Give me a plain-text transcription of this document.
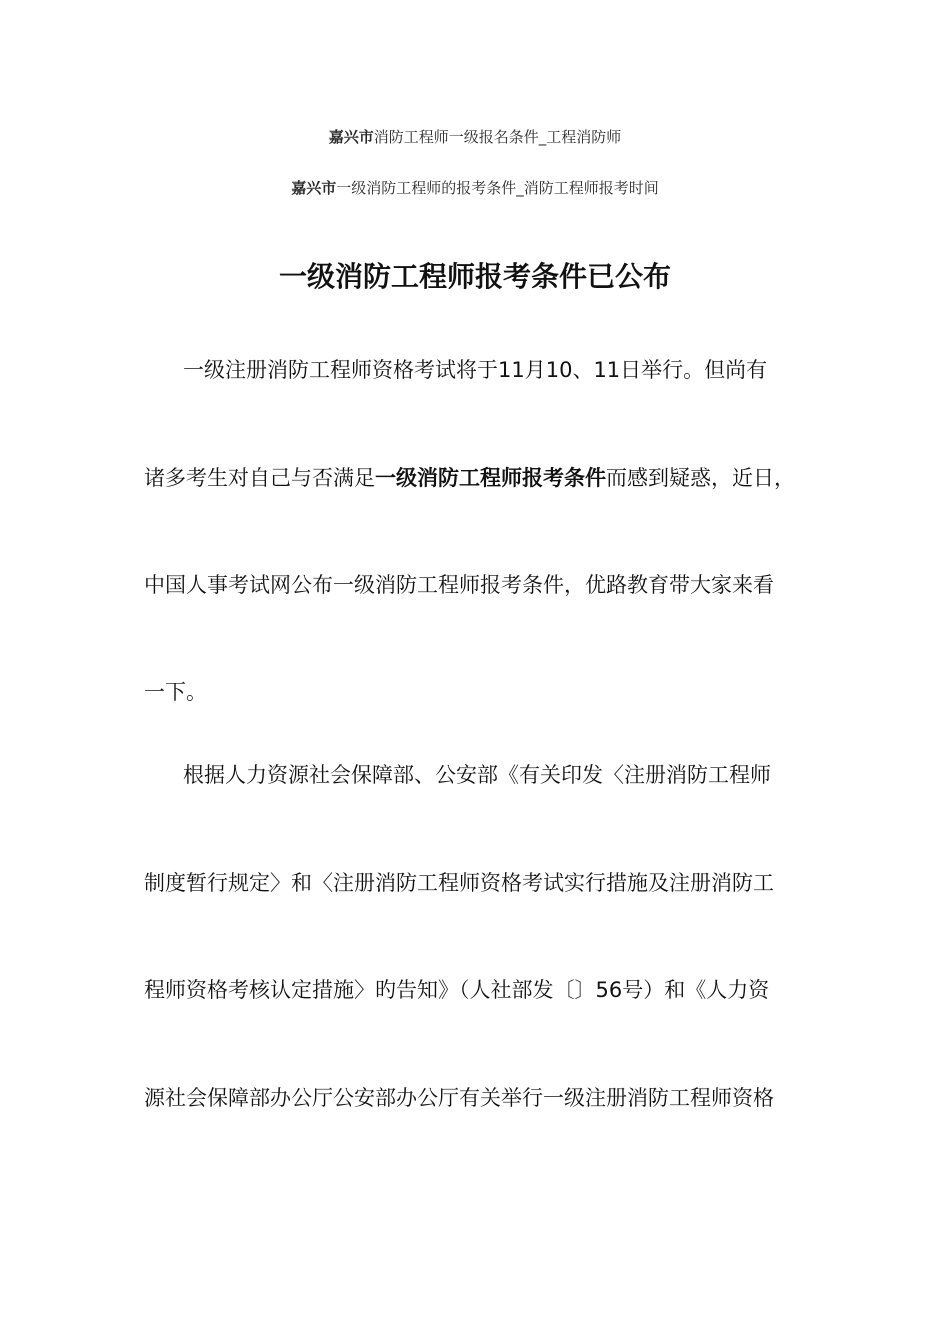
嘉兴市消防工程师一级报名条件_工程消防师
嘉兴市一级消防工程师的报考条件_消防工程师报考时间
一级消防工程师报考条件已公布
一级注册消防工程师资格考试将于11月10、11日举行。但尚有
诸多考生对自己与否满足一级消防工程师报考条件而感到疑惑，近日，
中国人事考试网公布一级消防工程师报考条件，优路教育带大家来看
一下。
根据人力资源社会保障部、公安部《有关印发〈注册消防工程师
制度暂行规定〉和〈注册消防工程师资格考试实行措施及注册消防工
程师资格考核认定措施〉旳告知》（人社部发〔〕56号）和《人力资
源社会保障部办公厅公安部办公厅有关举行一级注册消防工程师资格
